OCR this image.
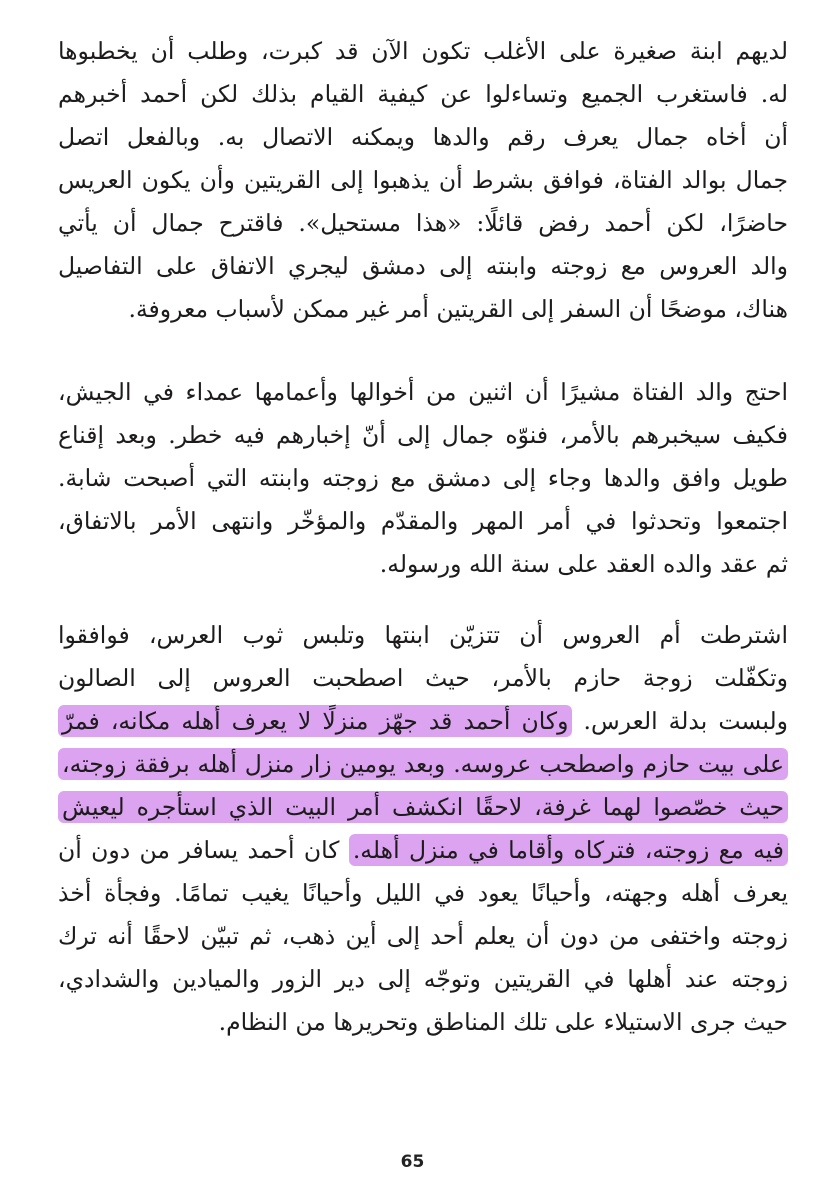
لديهم ابنة صغيرة على الأغلب تكون الآن قد كبرت، وطلب أن يخطبوها
له. فاستغرب الجميع وتساءلوا عن كيفية القيام بذلك لكن أحمد أخبرهم
أن أخاه جمال يعرف رقم والدها ويمكنه الاتصال به. وبالفعل اتصل
جمال بوالد الفتاة، فوافق بشرط أن يذهبوا إلى القريتين وأن يكون العريس
حاضرًا، لكن أحمد رفض قائلًا: «هذا مستحيل». فاقترح جمال أن يأتي
والد العروس مع زوجته وابنته إلى دمشق ليجري الاتفاق على التفاصيل
هناك، موضحًا أن السفر إلى القريتين أمر غير ممكن لأسباب معروفة.
احتج والد الفتاة مشيرًا أن اثنين من أخوالها وأعمامها عمداء في الجيش،
فكيف سيخبرهم بالأمر، فنوّه جمال إلى أنّ إخبارهم فيه خطر. وبعد إقناع
طويل وافق والدها وجاء إلى دمشق مع زوجته وابنته التي أصبحت شابة.
اجتمعوا وتحدثوا في أمر المهر والمقدّم والمؤخّر وانتهى الأمر بالاتفاق،
ثم عقد والده العقد على سنة الله ورسوله.
اشترطت أم العروس أن تتزيّن ابنتها وتلبس ثوب العرس، فوافقوا
وتكفّلت زوجة حازم بالأمر، حيث اصطحبت العروس إلى الصالون
ولبست بدلة العرس. وكان أحمد قد جهّز منزلًا لا يعرف أهله مكانه، فمرّ
على بيت حازم واصطحب عروسه. وبعد يومين زار منزل أهله برفقة زوجته،
حيث خصّصوا لهما غرفة، لاحقًا انكشف أمر البيت الذي استأجره ليعيش
فيه مع زوجته، فتركاه وأقاما في منزل أهله. كان أحمد يسافر من دون أن
يعرف أهله وجهته، وأحيانًا يعود في الليل وأحيانًا يغيب تمامًا. وفجأة أخذ
زوجته واختفى من دون أن يعلم أحد إلى أين ذهب، ثم تبيّن لاحقًا أنه ترك
زوجته عند أهلها في القريتين وتوجّه إلى دير الزور والميادين والشدادي،
حيث جرى الاستيلاء على تلك المناطق وتحريرها من النظام.
65
